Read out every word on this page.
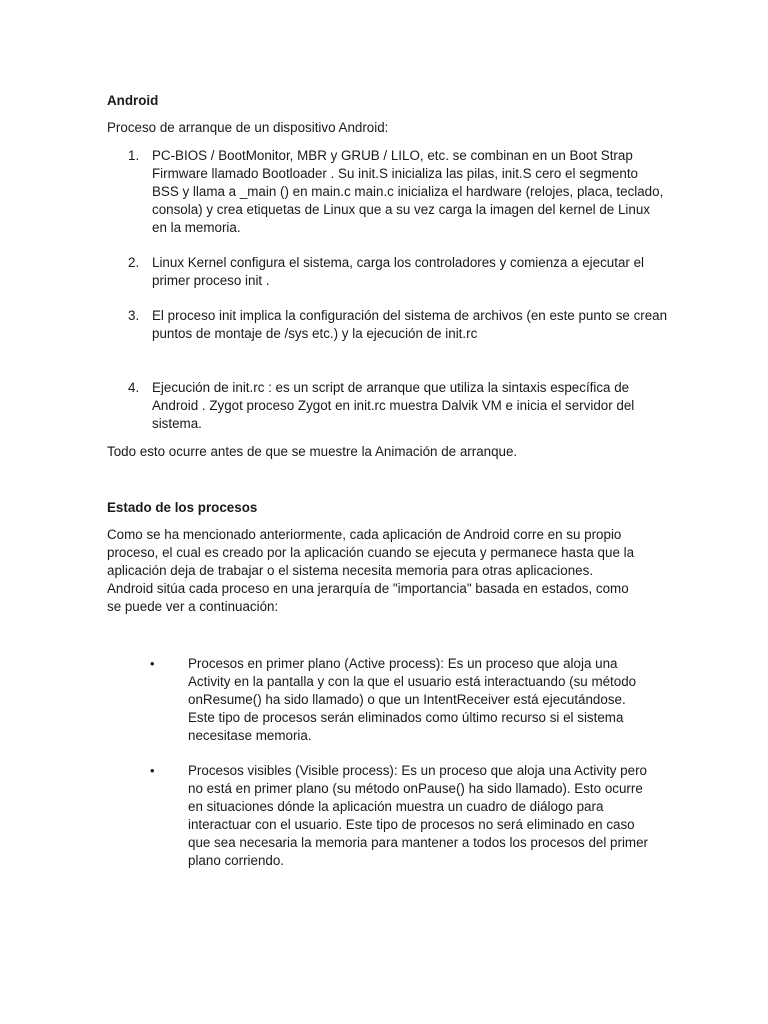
Android
Proceso de arranque de un dispositivo Android:
1. PC-BIOS / BootMonitor, MBR y GRUB / LILO, etc. se combinan en un Boot Strap Firmware llamado Bootloader . Su init.S inicializa las pilas, init.S cero el segmento BSS y llama a _main () en main.c main.c inicializa el hardware (relojes, placa, teclado, consola) y crea etiquetas de Linux que a su vez carga la imagen del kernel de Linux en la memoria.
2. Linux Kernel configura el sistema, carga los controladores y comienza a ejecutar el primer proceso init .
3. El proceso init implica la configuración del sistema de archivos (en este punto se crean puntos de montaje de /sys etc.) y la ejecución de init.rc
4. Ejecución de init.rc : es un script de arranque que utiliza la sintaxis específica de Android . Zygot proceso Zygot en init.rc muestra Dalvik VM e inicia el servidor del sistema.
Todo esto ocurre antes de que se muestre la Animación de arranque.
Estado de los procesos
Como se ha mencionado anteriormente, cada aplicación de Android corre en su propio proceso, el cual es creado por la aplicación cuando se ejecuta y permanece hasta que la aplicación deja de trabajar o el sistema necesita memoria para otras aplicaciones. Android sitúa cada proceso en una jerarquía de "importancia" basada en estados, como se puede ver a continuación:
• Procesos en primer plano (Active process): Es un proceso que aloja una Activity en la pantalla y con la que el usuario está interactuando (su método onResume() ha sido llamado) o que un IntentReceiver está ejecutándose. Este tipo de procesos serán eliminados como último recurso si el sistema necesitase memoria.
• Procesos visibles (Visible process): Es un proceso que aloja una Activity pero no está en primer plano (su método onPause() ha sido llamado). Esto ocurre en situaciones dónde la aplicación muestra un cuadro de diálogo para interactuar con el usuario. Este tipo de procesos no será eliminado en caso que sea necesaria la memoria para mantener a todos los procesos del primer plano corriendo.
